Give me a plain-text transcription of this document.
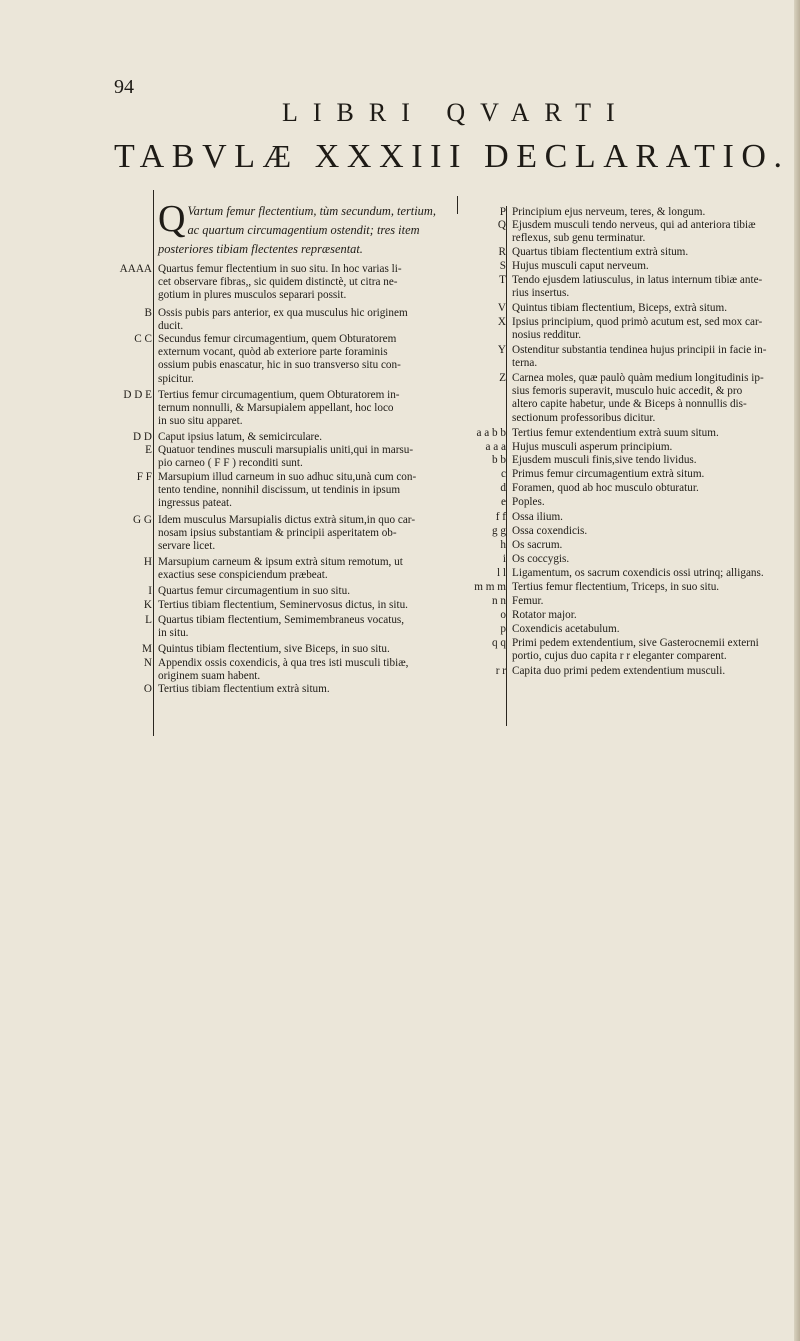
94
LIBRI QVARTI
TABVLÆ XXXIII DECLARATIO.
Q Vartum femur flectentium, tùm secundum, tertium, ac quartum circumagentium ostendit; tres item posteriores tibiam flectentes repræsentat.
AAAA Quartus femur flectentium in suo situ. In hoc varias li-
cet observare fibras,, sic quidem distinctè, ut citra ne-
gotium in plures musculos separari possit.
B Ossis pubis pars anterior, ex qua musculus hic originem
ducit.
C C Secundus femur circumagentium, quem Obturatorem
externum vocant, quòd ab exteriore parte foraminis
ossium pubis enascatur, hic in suo transverso situ con-
spicitur.
D D E Tertius femur circumagentium, quem Obturatorem in-
ternum nonnulli, & Marsupialem appellant, hoc loco
in suo situ apparet.
D D Caput ipsius latum, & semicirculare.
E Quatuor tendines musculi marsupialis uniti,qui in marsu-
pio carneo ( F F ) reconditi sunt.
F F Marsupium illud carneum in suo adhuc situ,unà cum con-
tento tendine, nonnihil discissum, ut tendinis in ipsum
ingressus pateat.
G G Idem musculus Marsupialis dictus extrà situm,in quo car-
nosam ipsius substantiam & principii asperitatem ob-
servare licet.
H Marsupium carneum & ipsum extrà situm remotum, ut
exactius sese conspiciendum præbeat.
I Quartus femur circumagentium in suo situ.
K Tertius tibiam flectentium, Seminervosus dictus, in situ.
L Quartus tibiam flectentium, Semimembraneus vocatus,
in situ.
M Quintus tibiam flectentium, sive Biceps, in suo situ.
N Appendix ossis coxendicis, à qua tres isti musculi tibiæ,
originem suam habent.
O Tertius tibiam flectentium extrà situm.
P Principium ejus nerveum, teres, & longum.
Q Ejusdem musculi tendo nerveus, qui ad anteriora tibiæ
reflexus, sub genu terminatur.
R Quartus tibiam flectentium extrà situm.
S Hujus musculi caput nerveum.
T Tendo ejusdem latiusculus, in latus internum tibiæ ante-
rius insertus.
V Quintus tibiam flectentium, Biceps, extrà situm.
X Ipsius principium, quod primò acutum est, sed mox car-
nosius redditur.
Y Ostenditur substantia tendinea hujus principii in facie in-
terna.
Z Carnea moles, quæ paulò quàm medium longitudinis ip-
sius femoris superavit, musculo huic accedit, & pro
altero capite habetur, unde & Biceps à nonnullis dis-
sectionum professoribus dicitur.
a a b b Tertius femur extendentium extrà suum situm.
a a a Hujus musculi asperum principium.
b b Ejusdem musculi finis,sive tendo lividus.
c Primus femur circumagentium extrà situm.
d Foramen, quod ab hoc musculo obturatur.
e Poples.
f f Ossa ilium.
g g Ossa coxendicis.
h Os sacrum.
i Os coccygis.
l l Ligamentum, os sacrum coxendicis ossi utrinq; alligans.
m m m Tertius femur flectentium, Triceps, in suo situ.
n n Femur.
o Rotator major.
p Coxendicis acetabulum.
q q Primi pedem extendentium, sive Gasterocnemii externi
portio, cujus duo capita r r eleganter comparent.
r r Capita duo primi pedem extendentium musculi.
